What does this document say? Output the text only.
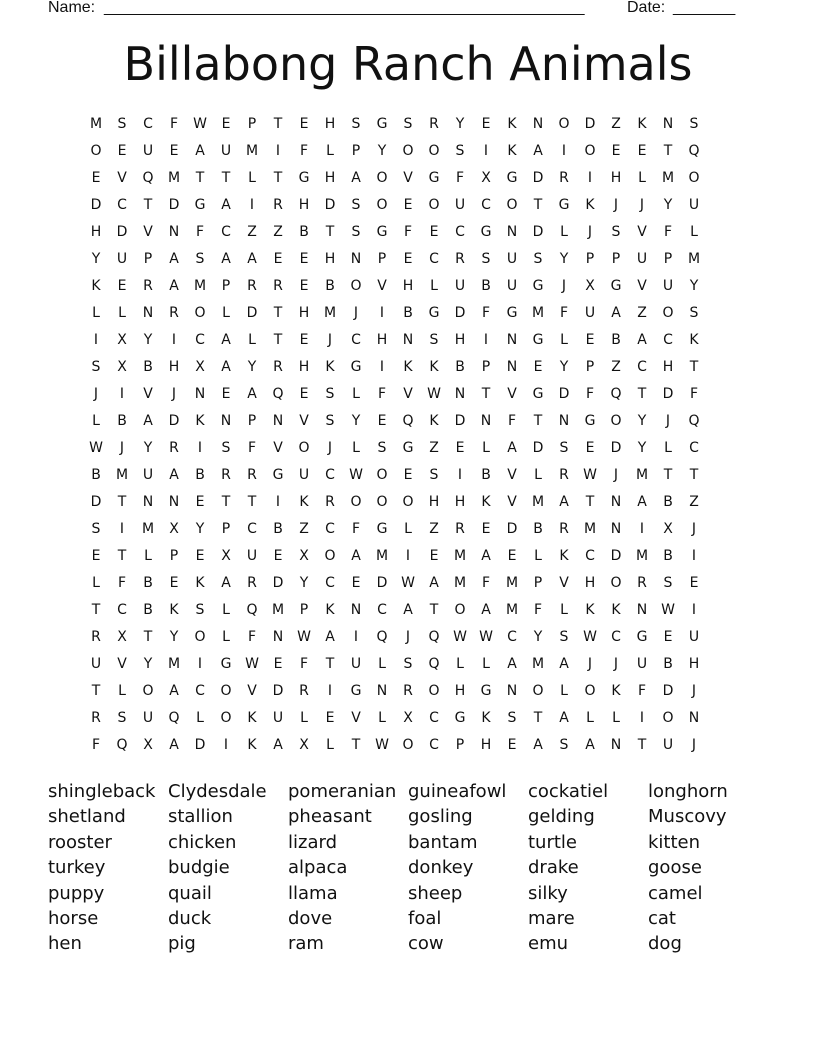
Name: ______________________________________________________	Date: _______
Billabong Ranch Animals
M	S	C	F	W	E	P	T	E	H	S	G	S	R	Y	E	K	N	O	D	Z	K	N	S
O	E	U	E	A	U	M	I	F	L	P	Y	O	O	S	I	K	A	I	O	E	E	T	Q
E	V	Q	M	T	T	L	T	G	H	A	O	V	G	F	X	G	D	R	I	H	L	M	O
D	C	T	D	G	A	I	R	H	D	S	O	E	O	U	C	O	T	G	K	J	J	Y	U
H	D	V	N	F	C	Z	Z	B	T	S	G	F	E	C	G	N	D	L	J	S	V	F	L
Y	U	P	A	S	A	A	E	E	H	N	P	E	C	R	S	U	S	Y	P	P	U	P	M
K	E	R	A	M	P	R	R	E	B	O	V	H	L	U	B	U	G	J	X	G	V	U	Y
L	L	N	R	O	L	D	T	H	M	J	I	B	G	D	F	G	M	F	U	A	Z	O	S
I	X	Y	I	C	A	L	T	E	J	C	H	N	S	H	I	N	G	L	E	B	A	C	K
S	X	B	H	X	A	Y	R	H	K	G	I	K	K	B	P	N	E	Y	P	Z	C	H	T
J	I	V	J	N	E	A	Q	E	S	L	F	V	W N	T	V	G	D	F	Q	T	D	F
L	B	A	D	K	N	P	N	V	S	Y	E	Q	K	D	N	F	T	N	G	O	Y	J	Q
W	J	Y	R	I	S	F	V	O	J	L	S	G	Z	E	L	A	D	S	E	D	Y	L	C
B	M	U	A	B	R	R	G	U	C	W O	E	S	I	B	V	L	R	W	J	M	T	T
D	T	N	N	E	T	T	I	K	R	O	O	O	H	H	K	V	M	A	T	N	A	B	Z
S	I	M	X	Y	P	C	B	Z	C	F	G	L	Z	R	E	D	B	R	M	N	I	X	J
E	T	L	P	E	X	U	E	X	O	A	M	I	E	M	A	E	L	K	C	D	M	B	I
L	F	B	E	K	A	R	D	Y	C	E	D W	A	M	F	M	P	V	H	O	R	S	E
T	C	B	K	S	L	Q	M	P	K	N	C	A	T	O	A	M	F	L	K	K	N W	I
R	X	T	Y	O	L	F	N W	A	I	Q	J	Q W W	C	Y	S	W	C	G	E	U
U	V	Y	M	I	G W	E	F	T	U	L	S	Q	L	L	A	M	A	J	J	U	B	H
T	L	O	A	C	O	V	D	R	I	G	N	R	O	H	G	N	O	L	O	K	F	D	J
R	S	U	Q	L	O	K	U	L	E	V	L	X	C	G	K	S	T	A	L	L	I	O	N
F	Q	X	A	D	I	K	A	X	L	T	W O	C	P	H	E	A	S	A	N	T	U	J
shingleback Clydesdale	pomeranian guineafowl	cockatiel	longhorn
shetland	stallion	pheasant	gosling	gelding	Muscovy
rooster	chicken	lizard	bantam	turtle	kitten
turkey	budgie	alpaca	donkey	drake	goose
puppy	quail	llama	sheep	silky	camel
horse	duck	dove	foal	mare	cat
hen	pig	ram	cow	emu	dog
